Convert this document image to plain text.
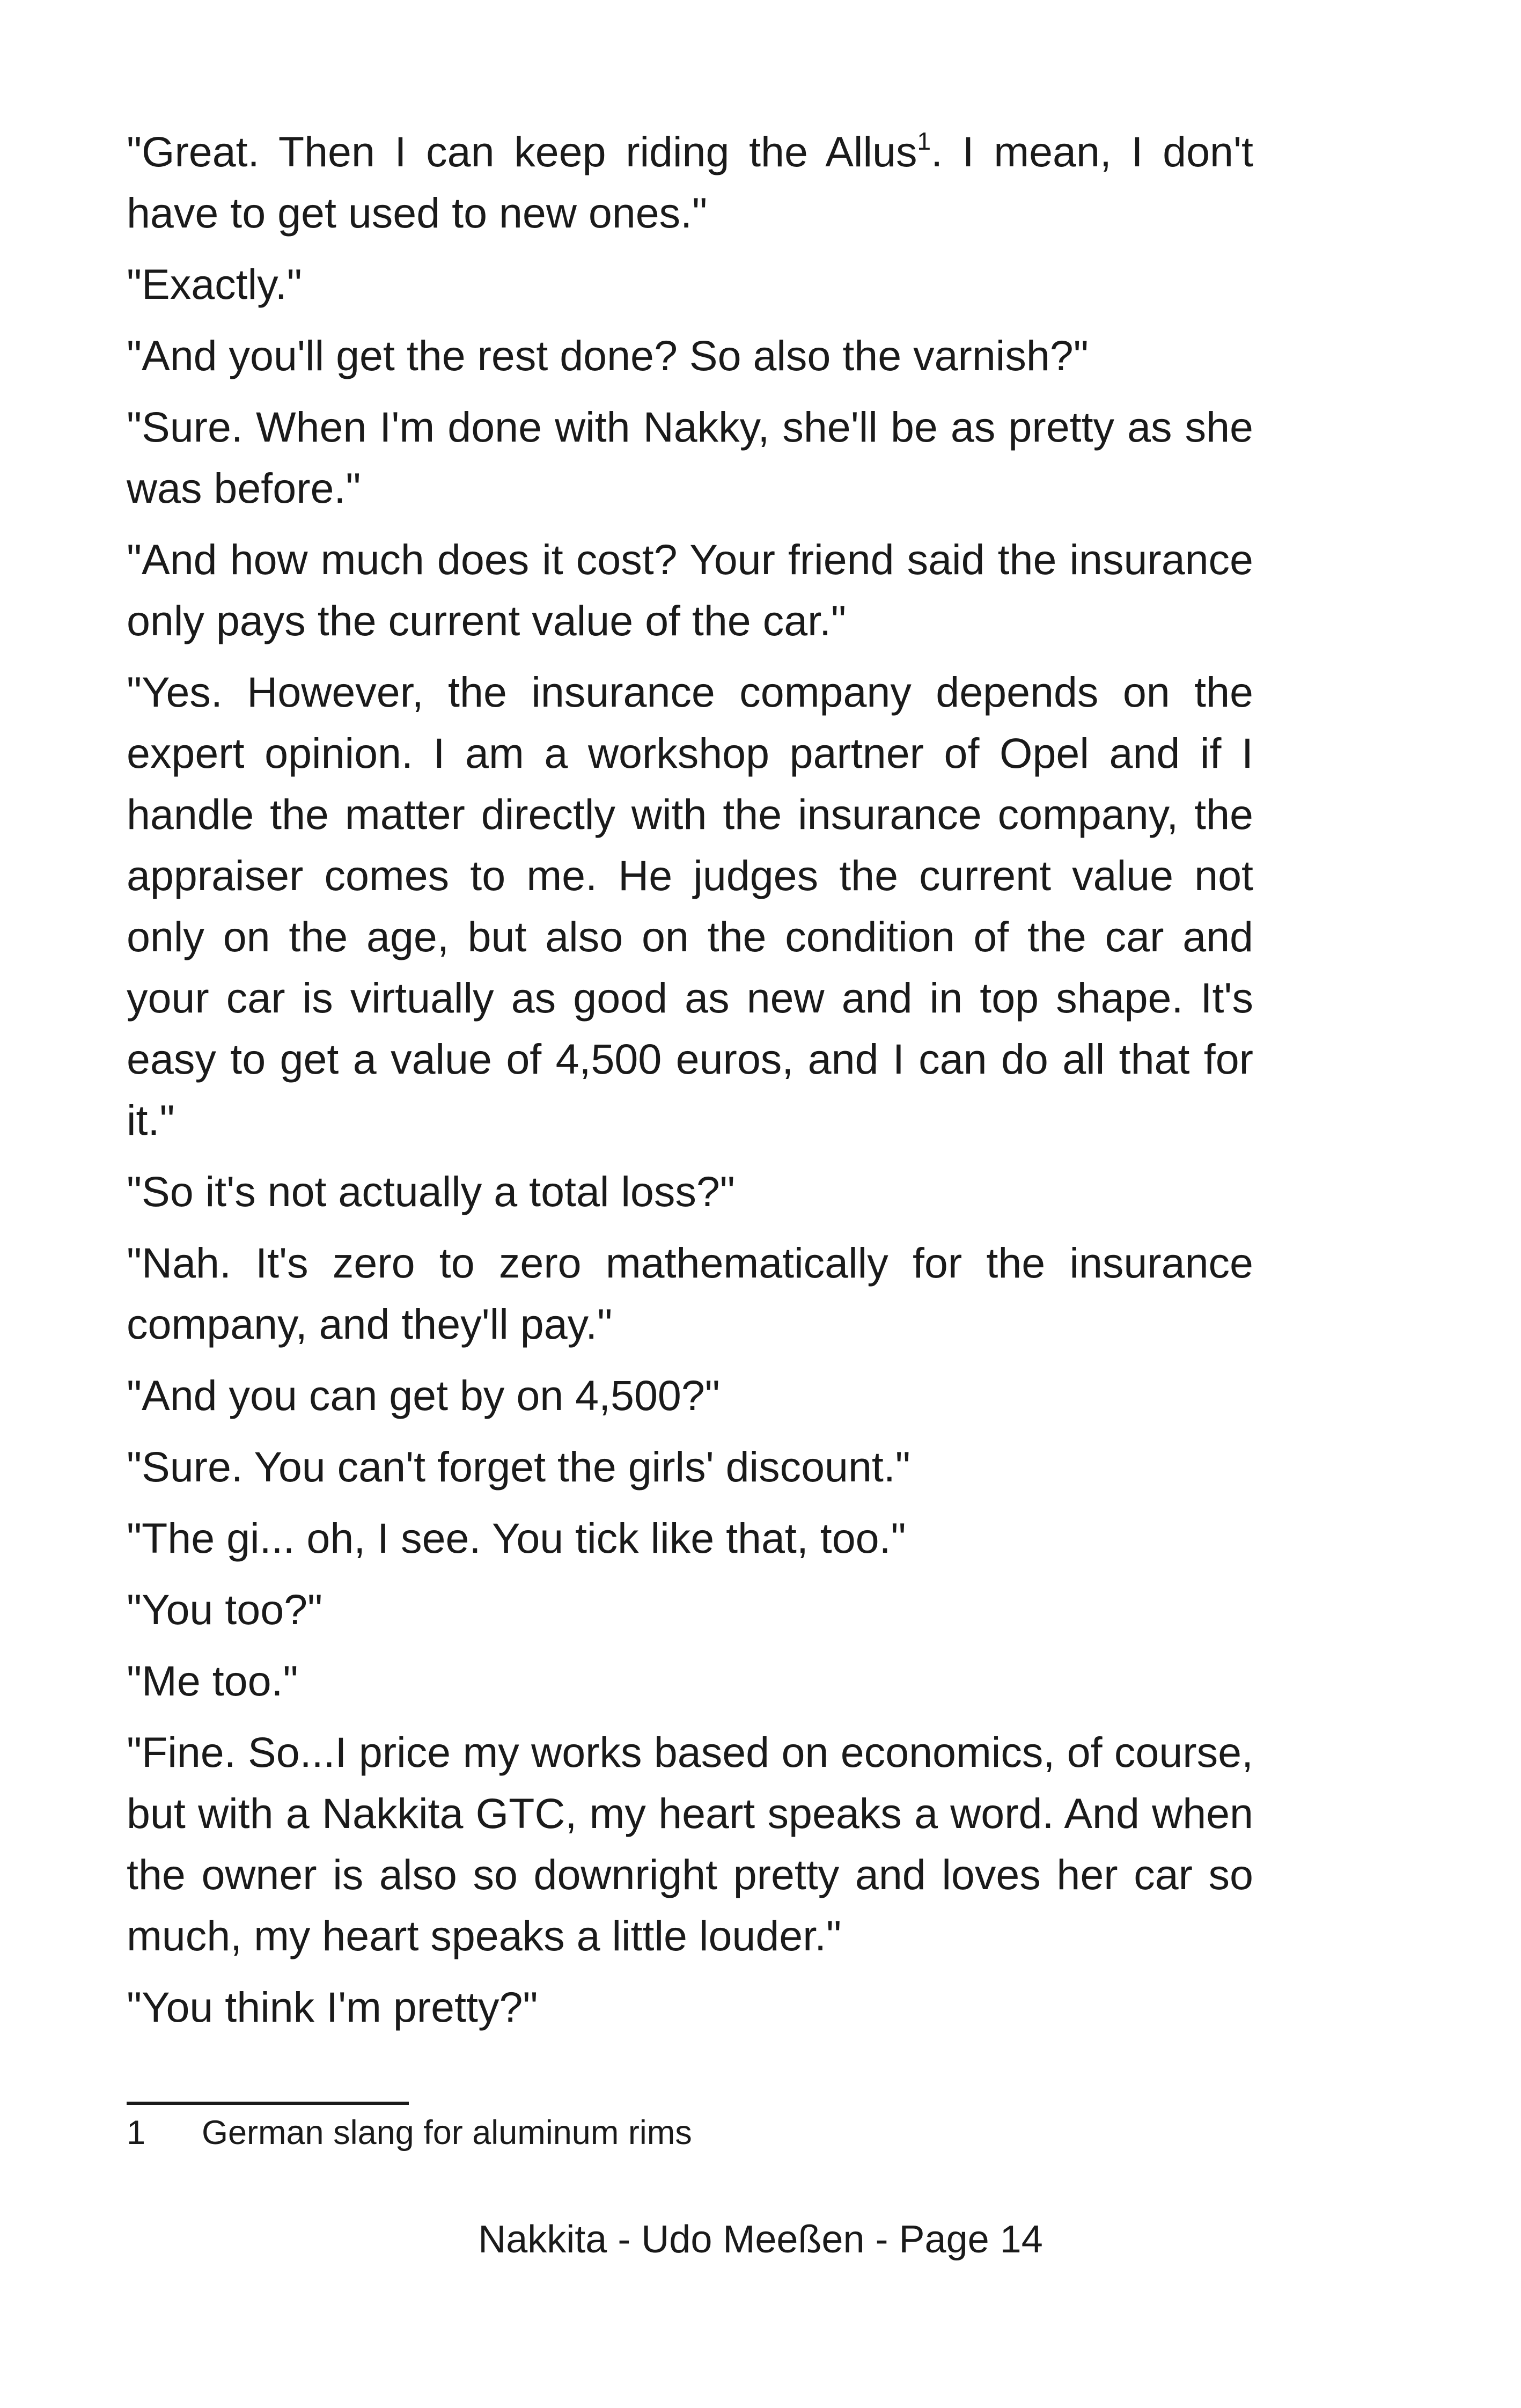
"Great. Then I can keep riding the Allus$^1$. I mean, I don't have to get used to new ones."

"Exactly."

"And you'll get the rest done? So also the varnish?"

"Sure. When I'm done with Nakky, she'll be as pretty as she was before."

"And how much does it cost? Your friend said the insurance only pays the current value of the car."

"Yes. However, the insurance company depends on the expert opinion. I am a workshop partner of Opel and if I handle the matter directly with the insurance company, the appraiser comes to me. He judges the current value not only on the age, but also on the condition of the car and your car is virtually as good as new and in top shape. It's easy to get a value of 4,500 euros, and I can do all that for it."

"So it's not actually a total loss?"

"Nah. It's zero to zero mathematically for the insurance company, and they'll pay."

"And you can get by on 4,500?"

"Sure. You can't forget the girls' discount."

"The gi... oh, I see. You tick like that, too."

"You too?"

"Me too."

"Fine. So...I price my works based on economics, of course, but with a Nakkita GTC, my heart speaks a word. And when the owner is also so downright pretty and loves her car so much, my heart speaks a little louder."

"You think I'm pretty?"

1	German slang for aluminum rims
Nakkita - Udo Meeßen - Page 14
